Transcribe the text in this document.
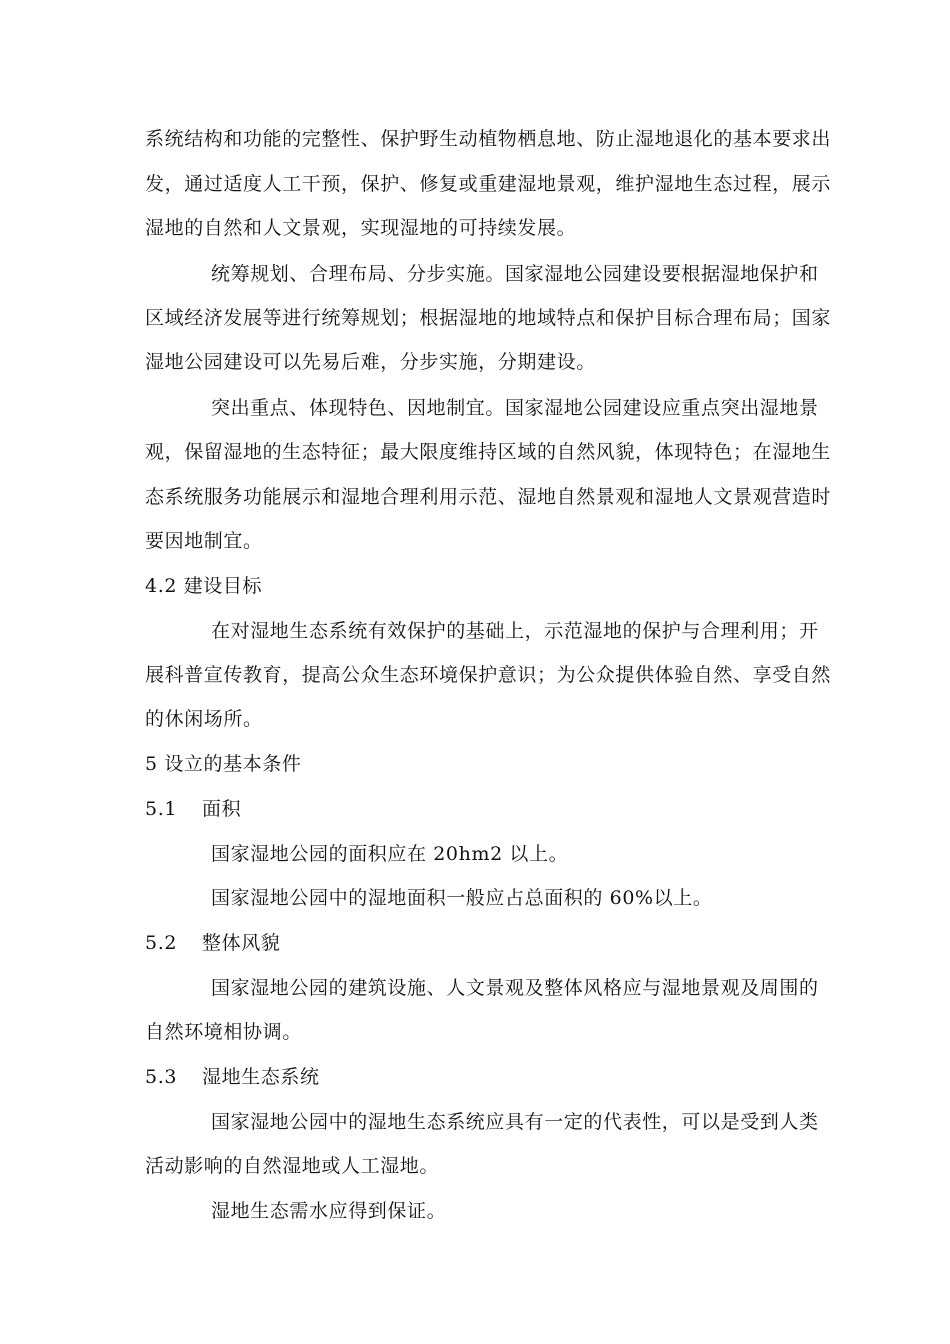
系统结构和功能的完整性、保护野生动植物栖息地、防止湿地退化的基本要求出
发，通过适度人工干预，保护、修复或重建湿地景观，维护湿地生态过程，展示
湿地的自然和人文景观，实现湿地的可持续发展。
统筹规划、合理布局、分步实施。国家湿地公园建设要根据湿地保护和
区域经济发展等进行统筹规划；根据湿地的地域特点和保护目标合理布局；国家
湿地公园建设可以先易后难，分步实施，分期建设。
突出重点、体现特色、因地制宜。国家湿地公园建设应重点突出湿地景
观，保留湿地的生态特征；最大限度维持区域的自然风貌，体现特色；在湿地生
态系统服务功能展示和湿地合理利用示范、湿地自然景观和湿地人文景观营造时
要因地制宜。
4.2 建设目标
在对湿地生态系统有效保护的基础上，示范湿地的保护与合理利用；开
展科普宣传教育，提高公众生态环境保护意识；为公众提供体验自然、享受自然
的休闲场所。
5 设立的基本条件
5.1 面积
国家湿地公园的面积应在 20hm2 以上。
国家湿地公园中的湿地面积一般应占总面积的 60%以上。
5.2 整体风貌
国家湿地公园的建筑设施、人文景观及整体风格应与湿地景观及周围的
自然环境相协调。
5.3 湿地生态系统
国家湿地公园中的湿地生态系统应具有一定的代表性，可以是受到人类
活动影响的自然湿地或人工湿地。
湿地生态需水应得到保证。
